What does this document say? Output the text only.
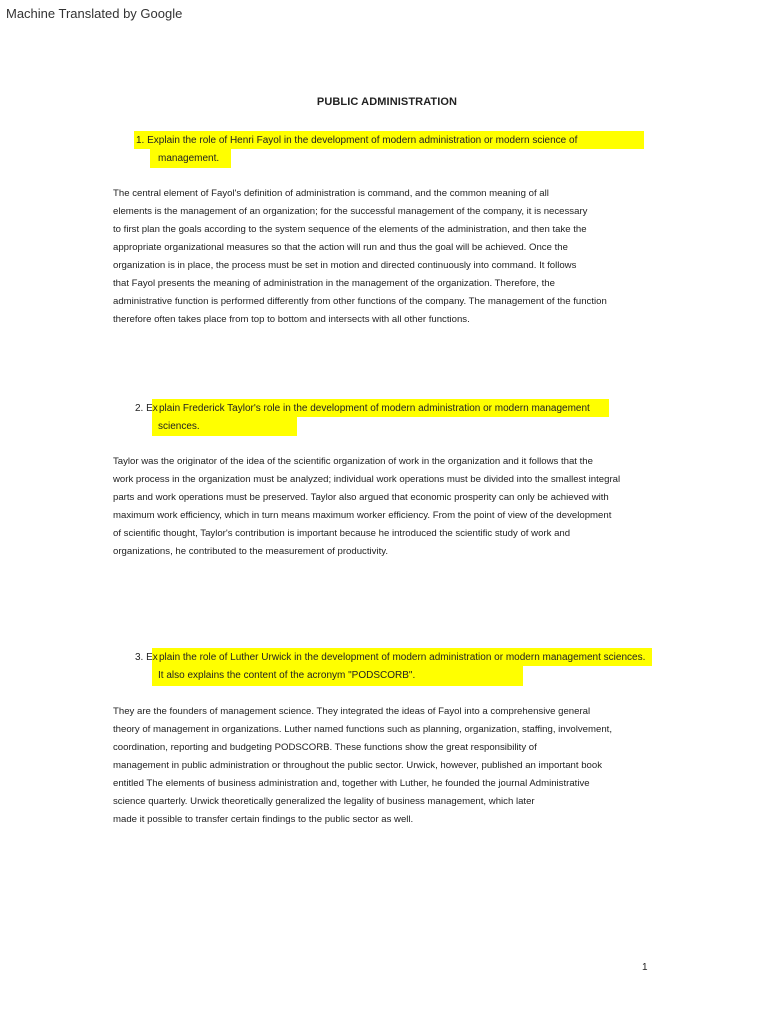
Machine Translated by Google
PUBLIC ADMINISTRATION
1. Explain the role of Henri Fayol in the development of modern administration or modern science of
management.
The central element of Fayol's definition of administration is command, and the common meaning of all
elements is the management of an organization; for the successful management of the company, it is necessary
to first plan the goals according to the system sequence of the elements of the administration, and then take the
appropriate organizational measures so that the action will run and thus the goal will be achieved. Once the
organization is in place, the process must be set in motion and directed continuously into command. It follows
that Fayol presents the meaning of administration in the management of the organization. Therefore, the
administrative function is performed differently from other functions of the company. The management of the function
therefore often takes place from top to bottom and intersects with all other functions.
2. Ex plain Frederick Taylor's role in the development of modern administration or modern management
sciences.
Taylor was the originator of the idea of the scientific organization of work in the organization and it follows that the
work process in the organization must be analyzed; individual work operations must be divided into the smallest integral
parts and work operations must be preserved. Taylor also argued that economic prosperity can only be achieved with
maximum work efficiency, which in turn means maximum worker efficiency. From the point of view of the development
of scientific thought, Taylor's contribution is important because he introduced the scientific study of work and
organizations, he contributed to the measurement of productivity.
3. Ex plain the role of Luther Urwick in the development of modern administration or modern management sciences.
It also explains the content of the acronym "PODSCORB".
They are the founders of management science. They integrated the ideas of Fayol into a comprehensive general
theory of management in organizations. Luther named functions such as planning, organization, staffing, involvement,
coordination, reporting and budgeting PODSCORB. These functions show the great responsibility of
management in public administration or throughout the public sector. Urwick, however, published an important book
entitled The elements of business administration and, together with Luther, he founded the journal Administrative
science quarterly. Urwick theoretically generalized the legality of business management, which later
made it possible to transfer certain findings to the public sector as well.
1
